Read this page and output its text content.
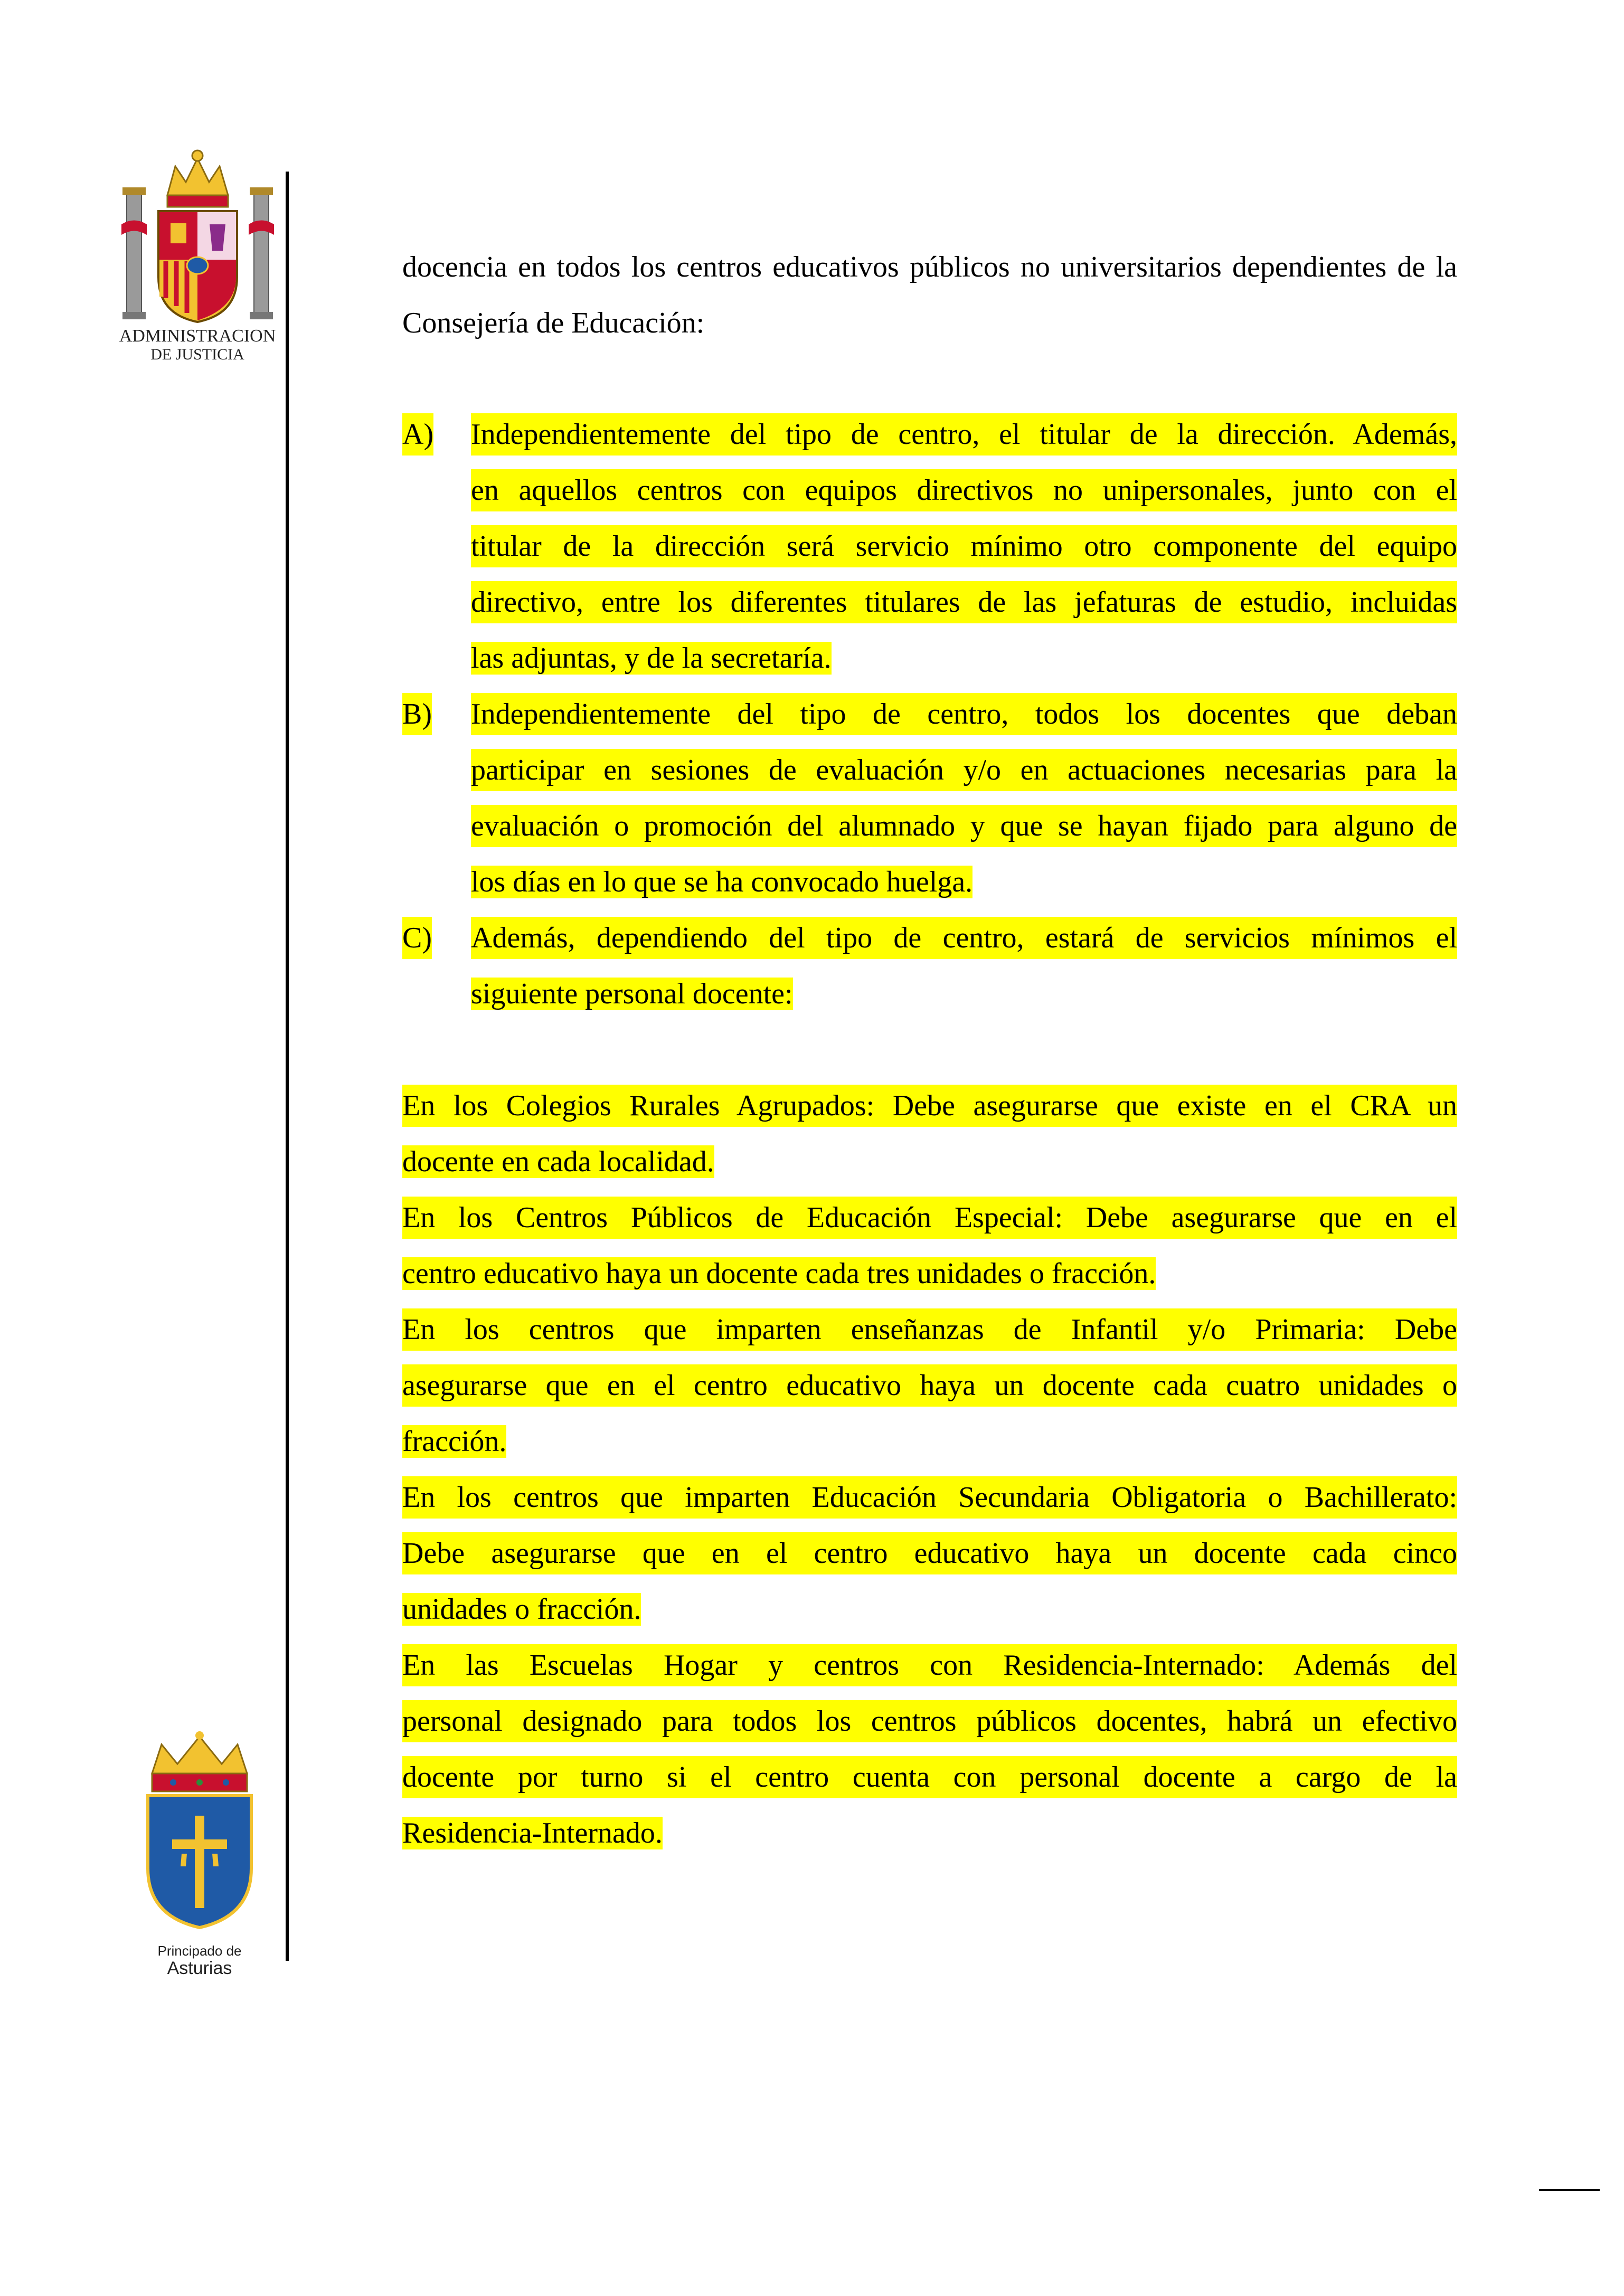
ADMINISTRACION
DE JUSTICIA
Principado de
Asturias
docencia en todos los centros educativos públicos no universitarios dependientes de la
Consejería de Educación:
A) Independientemente del tipo de centro, el titular de la dirección. Además,
en aquellos centros con equipos directivos no unipersonales, junto con el
titular de la dirección será servicio mínimo otro componente del equipo
directivo, entre los diferentes titulares de las jefaturas de estudio, incluidas
las adjuntas, y de la secretaría.
B) Independientemente del tipo de centro, todos los docentes que deban
participar en sesiones de evaluación y/o en actuaciones necesarias para la
evaluación o promoción del alumnado y que se hayan fijado para alguno de
los días en lo que se ha convocado huelga.
C) Además, dependiendo del tipo de centro, estará de servicios mínimos el
siguiente personal docente:
En los Colegios Rurales Agrupados: Debe asegurarse que existe en el CRA un
docente en cada localidad.
En los Centros Públicos de Educación Especial: Debe asegurarse que en el
centro educativo haya un docente cada tres unidades o fracción.
En los centros que imparten enseñanzas de Infantil y/o Primaria: Debe
asegurarse que en el centro educativo haya un docente cada cuatro unidades o
fracción.
En los centros que imparten Educación Secundaria Obligatoria o Bachillerato:
Debe asegurarse que en el centro educativo haya un docente cada cinco
unidades o fracción.
En las Escuelas Hogar y centros con Residencia-Internado: Además del
personal designado para todos los centros públicos docentes, habrá un efectivo
docente por turno si el centro cuenta con personal docente a cargo de la
Residencia-Internado.
